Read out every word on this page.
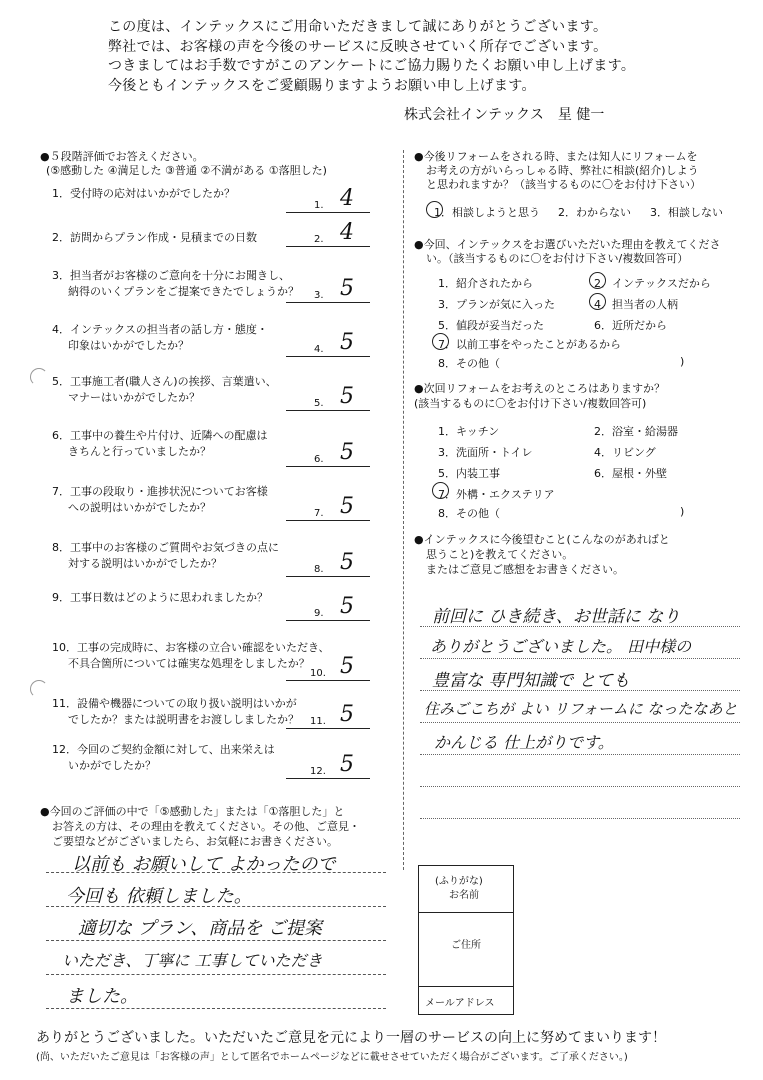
この度は、インテックスにご用命いただきまして誠にありがとうございます。
弊社では、お客様の声を今後のサービスに反映させていく所存でございます。
つきましてはお手数ですがこのアンケートにご協力賜りたくお願い申し上げます。
今後ともインテックスをご愛顧賜りますようお願い申し上げます。
株式会社インテックス 星 健一
●５段階評価でお答えください。
(⑤感動した ④満足した ③普通 ②不満がある ①落胆した)
1．受付時の応対はいかがでしたか？
1. 4
2．訪問からプラン作成・見積までの日数	2. 4
3．担当者がお客様のご意向を十分にお聞きし、
納得のいくプランをご提案できたでしょうか？ 3. 5
4．インテックスの担当者の話し方・態度・
印象はいかがでしたか？	4. 5
5．工事施工者(職人さん)の挨拶、言葉遣い、
マナーはいかがでしたか？	5. 5
6．工事中の養生や片付け、近隣への配慮は
きちんと行っていましたか？
6. 5
7．工事の段取り・進捗状況についてお客様
への説明はいかがでしたか？	7. 5
8．工事中のお客様のご質問やお気づきの点に
対する説明はいかがでしたか？	8. 5
9．工事日数はどのように思われましたか？
9. 5
10．工事の完成時に、お客様の立合い確認をいただき、
不具合箇所については確実な処理をしましたか？
10. 5
11．設備や機器についての取り扱い説明はいかが
でしたか？または説明書をお渡ししましたか？ 11. 5
12．今回のご契約金額に対して、出来栄えは
いかがでしたか？	12. 5
●今回のご評価の中で「⑤感動した」または「①落胆した」と
お答えの方は、その理由を教えてください。その他、ご意見・
ご要望などがございましたら、お気軽にお書きください。
以前も お願いして よかったので
今回も 依頼しました。
適切な プラン、商品を ご提案
いただき、丁寧に 工事していただき
ました。
●今後リフォームをされる時、または知人にリフォームを
お考えの方がいらっしゃる時、弊社に相談(紹介)しよう
と思われますか？（該当するものに〇をお付け下さい）
1．相談しようと思う 2．わからない 3．相談しない
●今回、インテックスをお選びいただいた理由を教えてくださ
い。（該当するものに〇をお付け下さい/複数回答可）
1．紹介されたから	2．インテックスだから
3．プランが気に入った	4．担当者の人柄
5．値段が妥当だった	6．近所だから
7．以前工事をやったことがあるから
8．その他（	)
●次回リフォームをお考えのところはありますか？
(該当するものに〇をお付け下さい/複数回答可)
1．キッチン	2．浴室・給湯器
3．洗面所・トイレ	4．リビング
5．内装工事	6．屋根・外壁
7．外構・エクステリア
8．その他（	)
●インテックスに今後望むこと(こんなのがあればと
思うこと)を教えてください。
またはご意見ご感想をお書きください。
前回に ひき続き、お世話に なり
ありがとうございました。 田中様の
豊富な 専門知識で とても
住みごこちが よい リフォームに なったなあと
かんじる 仕上がりです。
(ふりがな)
お名前
ご住所
メールアドレス
ありがとうございました。いただいたご意見を元により一層のサービスの向上に努めてまいります！
(尚、いただいたご意見は「お客様の声」として匿名でホームページなどに載せさせていただく場合がございます。ご了承ください。)
